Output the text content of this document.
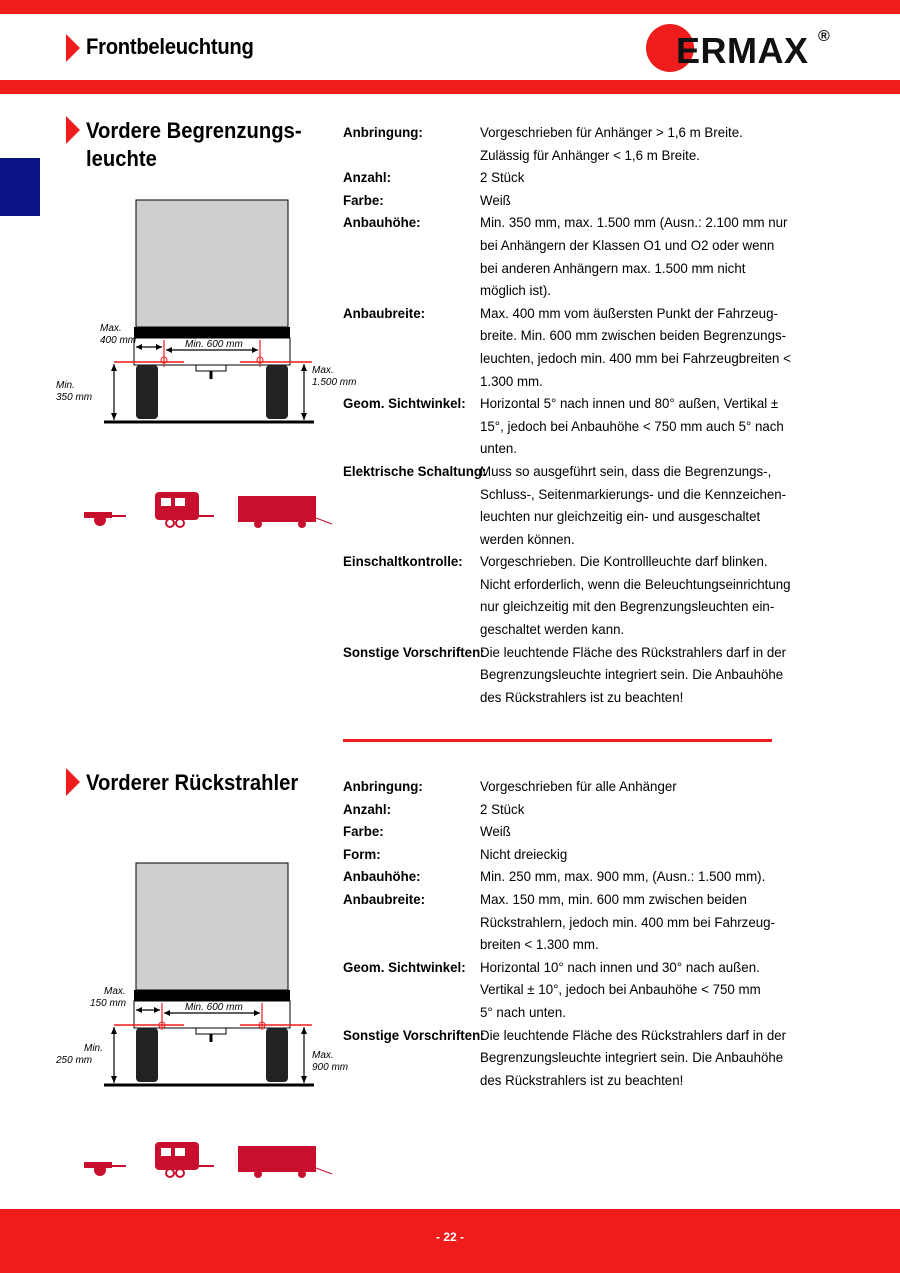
Frontbeleuchtung	ERMAX ®
Vordere Begrenzungs-
leuchte
Max.
400 mm	Min. 600 mm
Min.
350 mm
Max.
1.500 mm
Anbringung:	Vorgeschrieben für Anhänger > 1,6 m Breite.
Zulässig für Anhänger < 1,6 m Breite.
Anzahl:	2 Stück
Farbe:	Weiß
Anbauhöhe:	Min. 350 mm, max. 1.500 mm (Ausn.: 2.100 mm nur
bei Anhängern der Klassen O1 und O2 oder wenn
bei anderen Anhängern max. 1.500 mm nicht
möglich ist).
Anbaubreite:	Max. 400 mm vom äußersten Punkt der Fahrzeug-
breite. Min. 600 mm zwischen beiden Begrenzungs-
leuchten, jedoch min. 400 mm bei Fahrzeugbreiten <
1.300 mm.
Geom. Sichtwinkel:	Horizontal 5° nach innen und 80° außen, Vertikal ±
15°, jedoch bei Anbauhöhe < 750 mm auch 5° nach
unten.
Elektrische Schaltung:
Muss so ausgeführt sein, dass die Begrenzungs-,
Schluss-, Seitenmarkierungs- und die Kennzeichen-
leuchten nur gleichzeitig ein- und ausgeschaltet
werden können.
Einschaltkontrolle:	Vorgeschrieben. Die Kontrollleuchte darf blinken.
Nicht erforderlich, wenn die Beleuchtungseinrichtung
nur gleichzeitig mit den Begrenzungsleuchten ein-
geschaltet werden kann.
Sonstige Vorschriften:
Die leuchtende Fläche des Rückstrahlers darf in der
Begrenzungsleuchte integriert sein. Die Anbauhöhe
des Rückstrahlers ist zu beachten!
Vorderer Rückstrahler
Max.
150 mm	Min. 600 mm
Min.
250 mm	Max.
900 mm
Anbringung:	Vorgeschrieben für alle Anhänger
Anzahl:	2 Stück
Farbe:	Weiß
Form:	Nicht dreieckig
Anbauhöhe:	Min. 250 mm, max. 900 mm, (Ausn.: 1.500 mm).
Anbaubreite:	Max. 150 mm, min. 600 mm zwischen beiden
Rückstrahlern, jedoch min. 400 mm bei Fahrzeug-
breiten < 1.300 mm.
Geom. Sichtwinkel:	Horizontal 10° nach innen und 30° nach außen.
Vertikal ± 10°, jedoch bei Anbauhöhe < 750 mm
5° nach unten.
Sonstige Vorschriften:
Die leuchtende Fläche des Rückstrahlers darf in der
Begrenzungsleuchte integriert sein. Die Anbauhöhe
des Rückstrahlers ist zu beachten!
- 22 -
